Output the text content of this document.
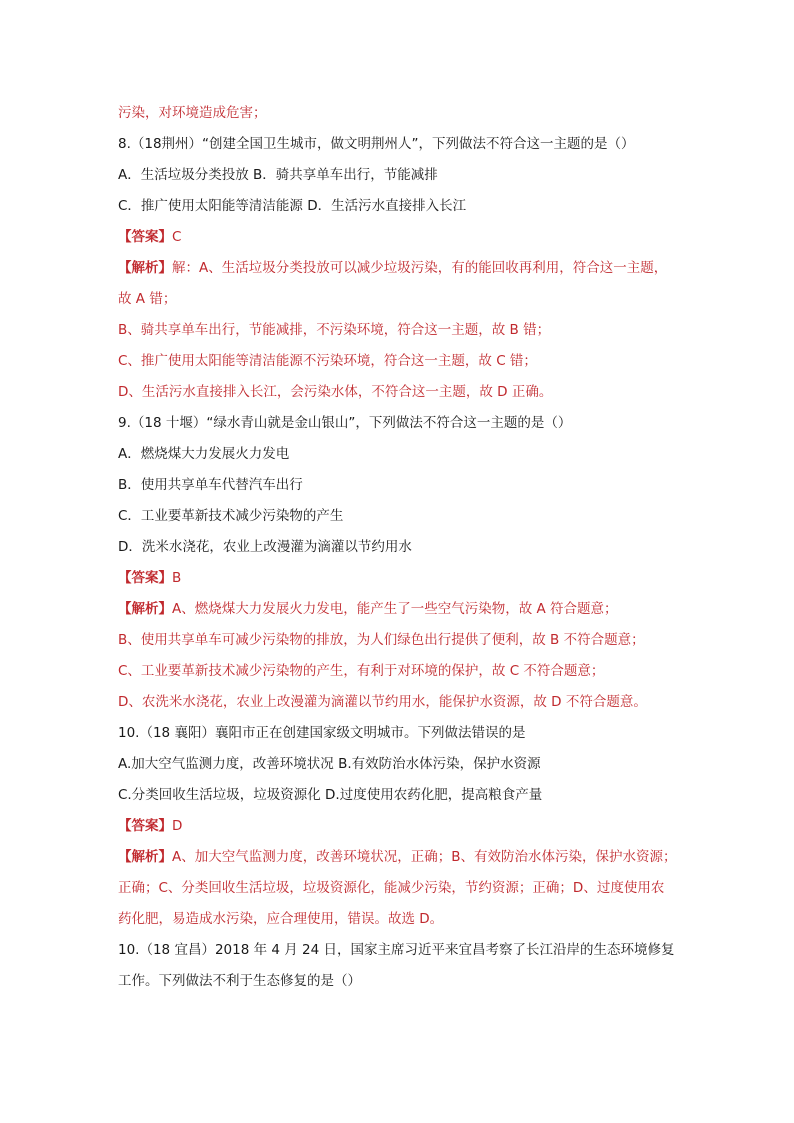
污染，对环境造成危害；
8.（18荆州）“创建全国卫生城市，做文明荆州人”，下列做法不符合这一主题的是（）
A．生活垃圾分类投放 B．骑共享单车出行，节能减排
C．推广使用太阳能等清洁能源 D．生活污水直接排入长江
【答案】C
【解析】解：A、生活垃圾分类投放可以减少垃圾污染，有的能回收再利用，符合这一主题，
故 A 错；
B、骑共享单车出行，节能减排，不污染环境，符合这一主题，故 B 错；
C、推广使用太阳能等清洁能源不污染环境，符合这一主题，故 C 错；
D、生活污水直接排入长江，会污染水体，不符合这一主题，故 D 正确。
9.（18 十堰）“绿水青山就是金山银山”，下列做法不符合这一主题的是（）
A．燃烧煤大力发展火力发电
B．使用共享单车代替汽车出行
C．工业要革新技术减少污染物的产生
D．洗米水浇花，农业上改漫灌为滴灌以节约用水
【答案】B
【解析】A、燃烧煤大力发展火力发电，能产生了一些空气污染物，故 A 符合题意；
B、使用共享单车可减少污染物的排放，为人们绿色出行提供了便利，故 B 不符合题意；
C、工业要革新技术减少污染物的产生，有利于对环境的保护，故 C 不符合题意；
D、农洗米水浇花，农业上改漫灌为滴灌以节约用水，能保护水资源，故 D 不符合题意。
10.（18 襄阳）襄阳市正在创建国家级文明城市。下列做法错误的是
A.加大空气监测力度，改善环境状况 B.有效防治水体污染，保护水资源
C.分类回收生活垃圾，垃圾资源化 D.过度使用农药化肥，提高粮食产量
【答案】D
【解析】A、加大空气监测力度，改善环境状况，正确；B、有效防治水体污染，保护水资源；
正确；C、分类回收生活垃圾，垃圾资源化，能减少污染，节约资源；正确；D、过度使用农
药化肥，易造成水污染，应合理使用，错误。故选 D。
10.（18 宜昌）2018 年 4 月 24 日，国家主席习近平来宜昌考察了长江沿岸的生态环境修复
工作。下列做法不利于生态修复的是（）
